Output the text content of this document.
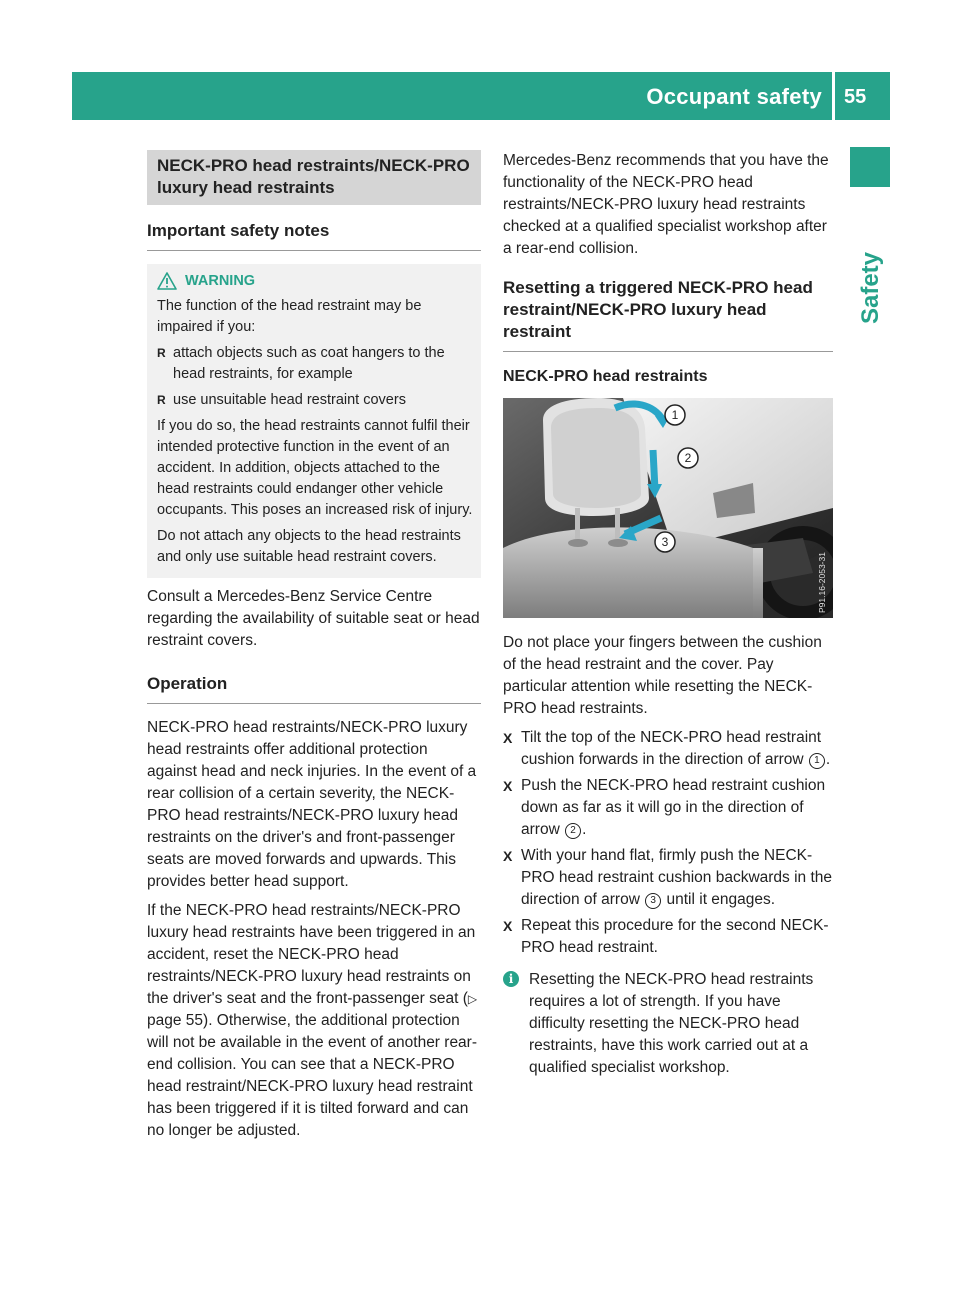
Occupant safety 55
Safety
NECK-PRO head restraints/NECK-PRO luxury head restraints
Important safety notes
WARNING

The function of the head restraint may be impaired if you:

R attach objects such as coat hangers to the head restraints, for example
R use unsuitable head restraint covers

If you do so, the head restraints cannot fulfil their intended protective function in the event of an accident. In addition, objects attached to the head restraints could endanger other vehicle occupants. This poses an increased risk of injury.

Do not attach any objects to the head restraints and only use suitable head restraint covers.

Consult a Mercedes-Benz Service Centre regarding the availability of suitable seat or head restraint covers.

Operation

NECK-PRO head restraints/NECK-PRO luxury head restraints offer additional protection against head and neck injuries. In the event of a rear collision of a certain severity, the NECK-PRO head restraints/NECK-PRO luxury head restraints on the driver's and front-passenger seats are moved forwards and upwards. This provides better head support.

If the NECK-PRO head restraints/NECK-PRO luxury head restraints have been triggered in an accident, reset the NECK-PRO head restraints/NECK-PRO luxury head restraints on the driver's seat and the front-passenger seat (▷ page 55). Otherwise, the additional protection will not be available in the event of another rear-end collision. You can see that a NECK-PRO head restraint/NECK-PRO luxury head restraint has been triggered if it is tilted forward and can no longer be adjusted.

Mercedes-Benz recommends that you have the functionality of the NECK-PRO head restraints/NECK-PRO luxury head restraints checked at a qualified specialist workshop after a rear-end collision.

Resetting a triggered NECK-PRO head restraint/NECK-PRO luxury head restraint
NECK-PRO head restraints
1
2
3
P91.16-2053-31

Do not place your fingers between the cushion of the head restraint and the cover. Pay particular attention while resetting the NECK-PRO head restraints.

X Tilt the top of the NECK-PRO head restraint cushion forwards in the direction of arrow 1 .
X Push the NECK-PRO head restraint cushion down as far as it will go in the direction of arrow 2 .
X With your hand flat, firmly push the NECK-PRO head restraint cushion backwards in the direction of arrow 3 until it engages.
X Repeat this procedure for the second NECK-PRO head restraint.
i	Resetting the NECK-PRO head restraints requires a lot of strength. If you have difficulty resetting the NECK-PRO head restraints, have this work carried out at a qualified specialist workshop.
